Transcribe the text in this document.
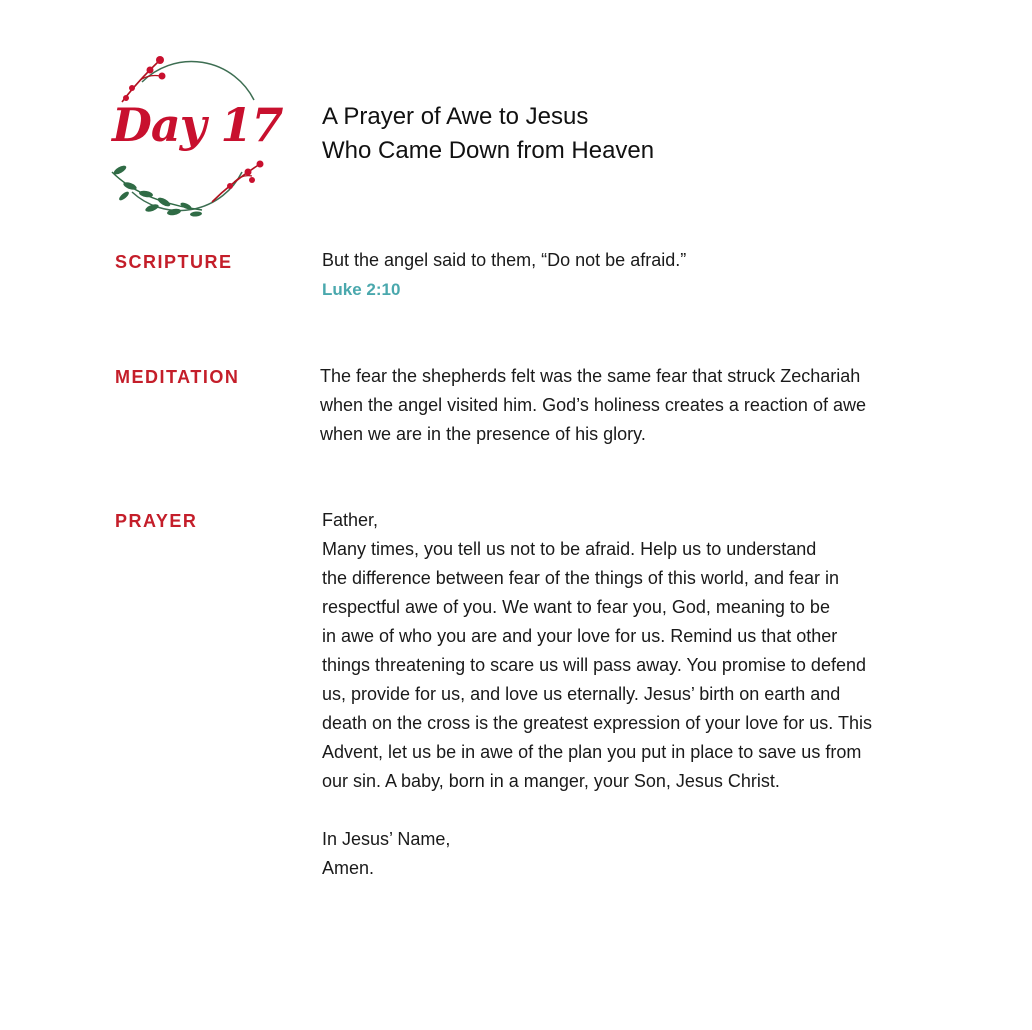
Day 17 A Prayer of Awe to Jesus
Who Came Down from Heaven
SCRIPTURE	But the angel said to them, “Do not be afraid.”
Luke 2:10
MEDITATION	The fear the shepherds felt was the same fear that struck Zechariah
when the angel visited him. God’s holiness creates a reaction of awe
when we are in the presence of his glory.
PRAYER	Father,
Many times, you tell us not to be afraid. Help us to understand
the difference between fear of the things of this world, and fear in
respectful awe of you. We want to fear you, God, meaning to be
in awe of who you are and your love for us. Remind us that other
things threatening to scare us will pass away. You promise to defend
us, provide for us, and love us eternally. Jesus’ birth on earth and
death on the cross is the greatest expression of your love for us. This
Advent, let us be in awe of the plan you put in place to save us from
our sin. A baby, born in a manger, your Son, Jesus Christ.
In Jesus’ Name,
Amen.
